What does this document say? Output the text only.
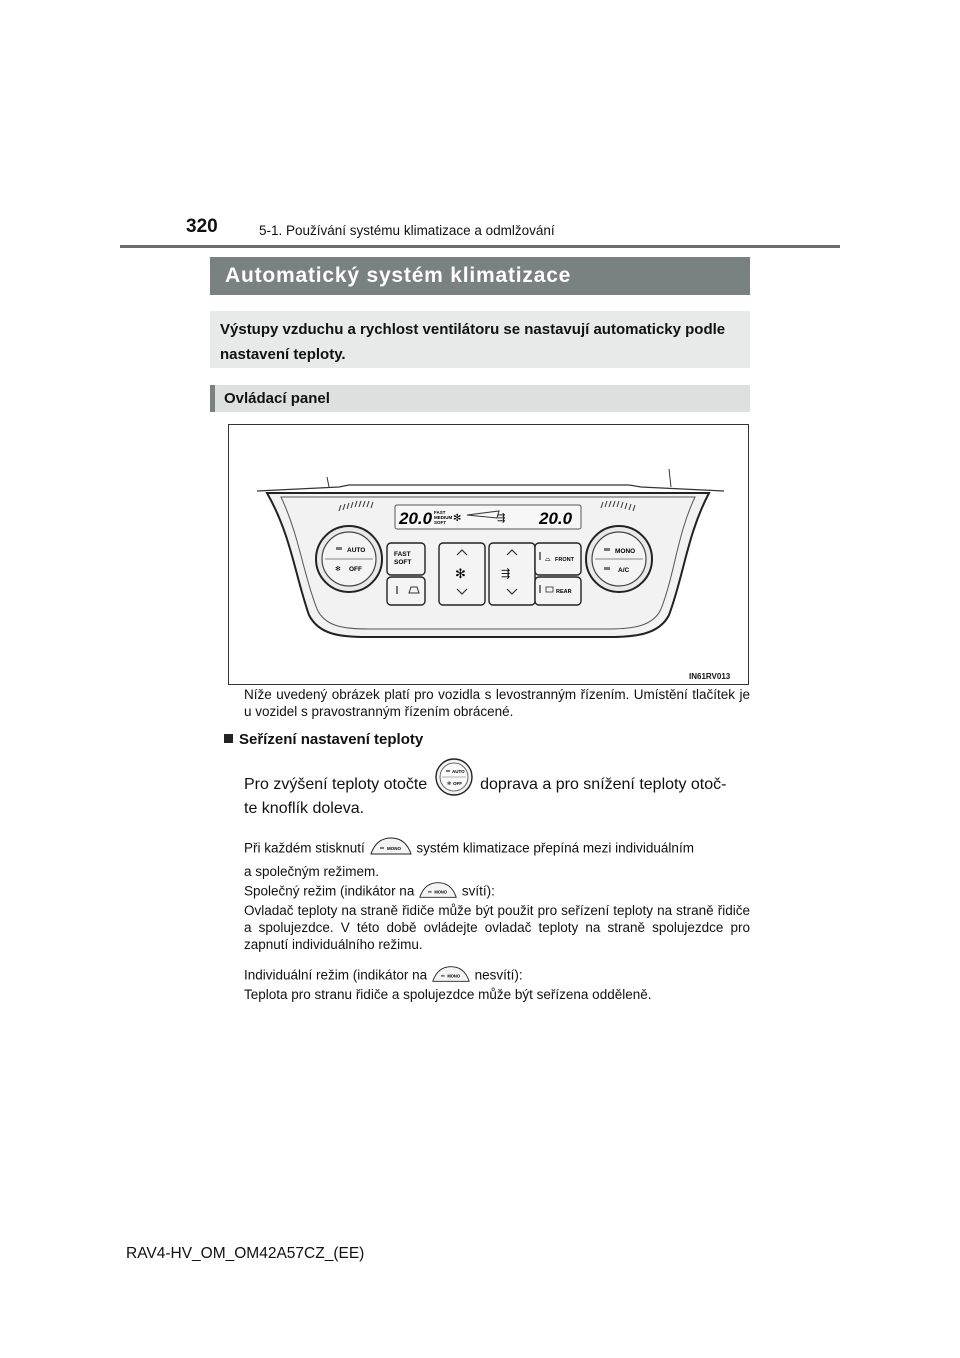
320	5-1. Používání systému klimatizace a odmlžování
Automatický systém klimatizace
Výstupy vzduchu a rychlost ventilátoru se nastavují automaticky podle nastavení teploty.
Ovládací panel
20.0 FAST
MEDIUM
SOFT ✻	⇶ 20.0
AUTO
✻ OFF
FAST
SOFT
✻	⇶
⌓ FRONT
REAR
MONO
A/C
IN61RV013
Níže uvedený obrázek platí pro vozidla s levostranným řízením. Umístění tlačítek je u vozidel s pravostranným řízením obrácené.
Seřízení nastavení teploty
Pro zvýšení teploty otočte
AUTO
✻ OFF doprava a pro snížení teploty otoč-
te knoflík doleva.
Při každém stisknutí	MONO systém klimatizace přepíná mezi individuálním
a společným režimem.
Společný režim (indikátor na	MONO svítí):
Ovladač teploty na straně řidiče může být použit pro seřízení teploty na straně řidiče a spolujezdce. V této době ovládejte ovladač teploty na straně spolujezdce pro zapnutí individuálního režimu.
Individuální režim (indikátor na	MONO nesvítí):
Teplota pro stranu řidiče a spolujezdce může být seřízena odděleně.
RAV4-HV_OM_OM42A57CZ_(EE)
